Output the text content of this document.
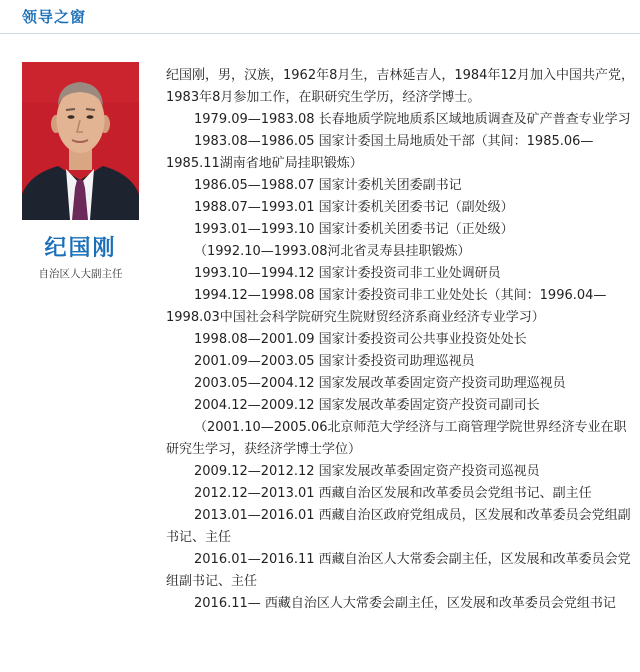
领导之窗
纪国刚
自治区人大副主任

纪国刚，男，汉族，1962年8月生，吉林延吉人，1984年12月加入中国共产党，1983年8月参加工作，在职研究生学历，经济学博士。

1979.09—1983.08 长春地质学院地质系区域地质调查及矿产普查专业学习

1983.08—1986.05 国家计委国土局地质处干部（其间：1985.06—1985.11湖南省地矿局挂职锻炼）

1986.05—1988.07 国家计委机关团委副书记

1988.07—1993.01 国家计委机关团委书记（副处级）

1993.01—1993.10 国家计委机关团委书记（正处级）

（1992.10—1993.08河北省灵寿县挂职锻炼）

1993.10—1994.12 国家计委投资司非工业处调研员

1994.12—1998.08 国家计委投资司非工业处处长（其间：1996.04—1998.03中国社会科学院研究生院财贸经济系商业经济专业学习）

1998.08—2001.09 国家计委投资司公共事业投资处处长

2001.09—2003.05 国家计委投资司助理巡视员

2003.05—2004.12 国家发展改革委固定资产投资司助理巡视员

2004.12—2009.12 国家发展改革委固定资产投资司副司长

（2001.10—2005.06北京师范大学经济与工商管理学院世界经济专业在职研究生学习，获经济学博士学位）

2009.12—2012.12 国家发展改革委固定资产投资司巡视员

2012.12—2013.01 西藏自治区发展和改革委员会党组书记、副主任

2013.01—2016.01 西藏自治区政府党组成员，区发展和改革委员会党组副书记、主任

2016.01—2016.11 西藏自治区人大常委会副主任，区发展和改革委员会党组副书记、主任

2016.11— 西藏自治区人大常委会副主任，区发展和改革委员会党组书记
